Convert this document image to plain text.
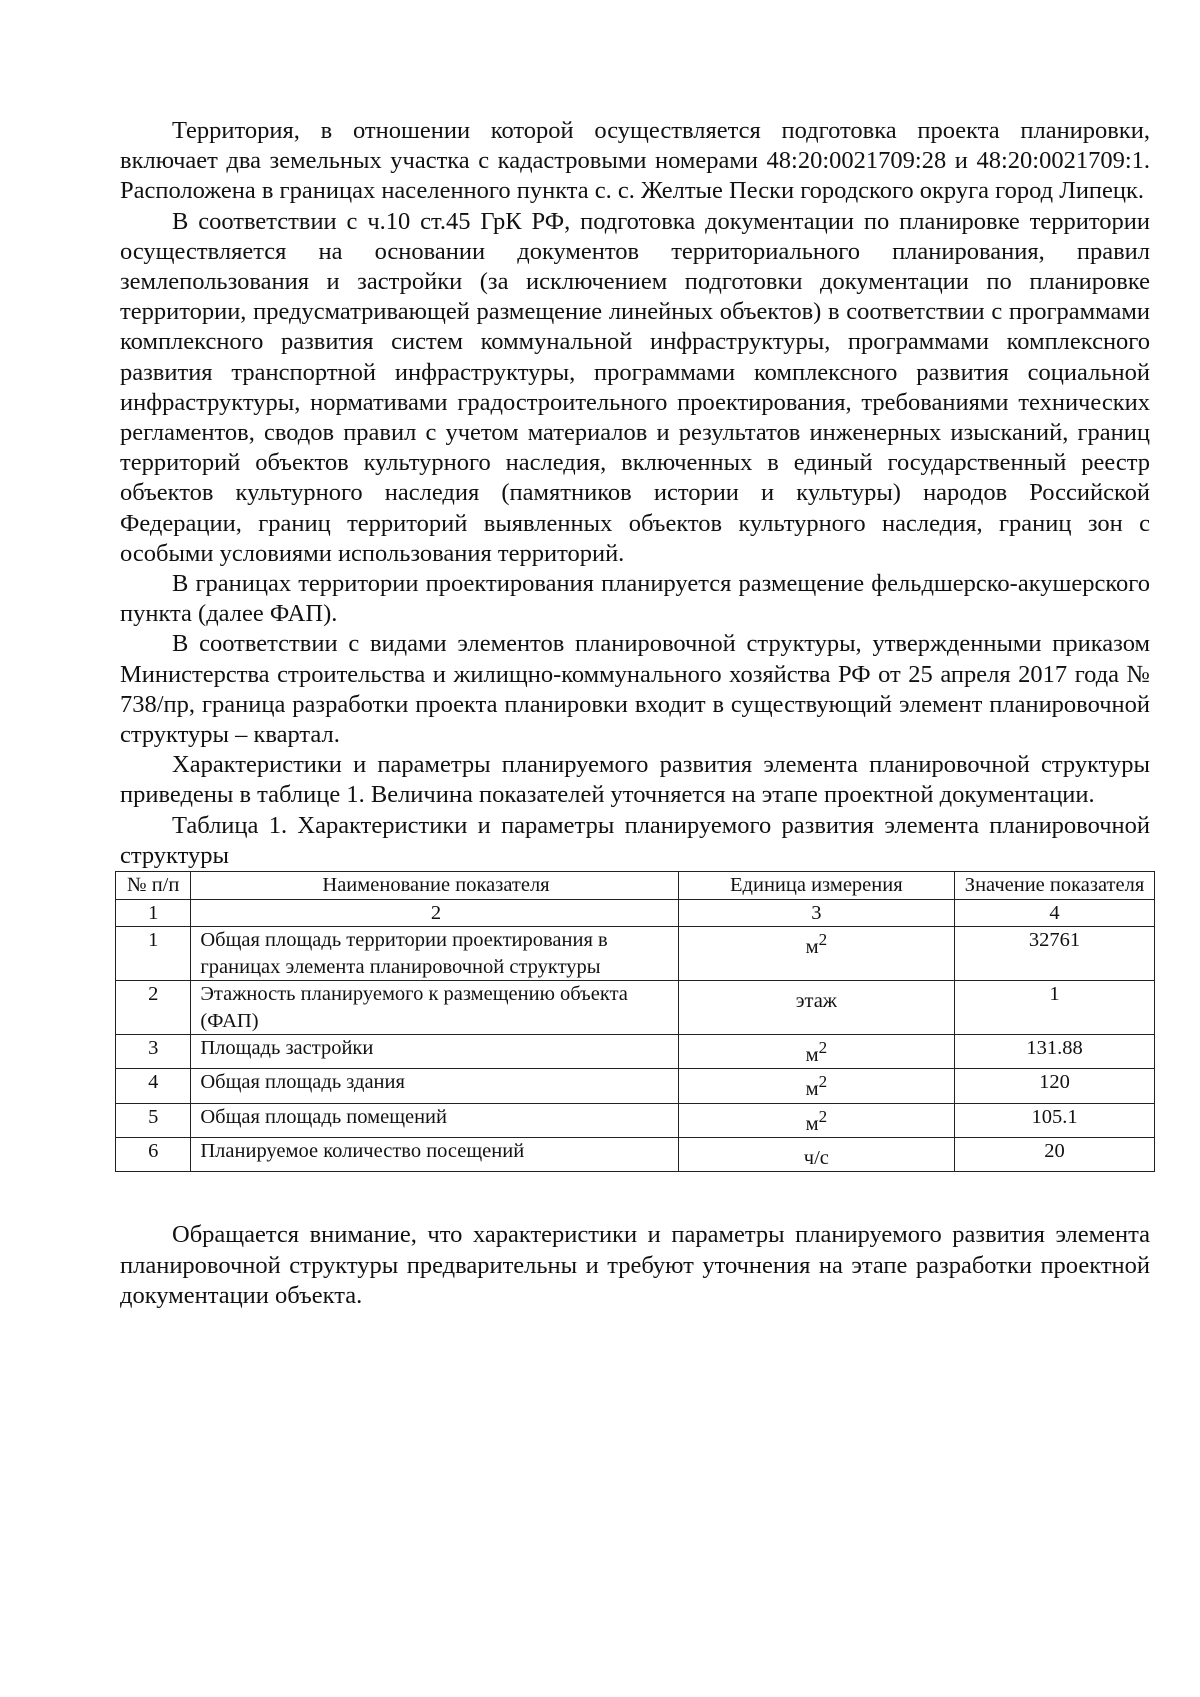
Территория, в отношении которой осуществляется подготовка проекта планировки, включает два земельных участка с кадастровыми номерами 48:20:0021709:28 и 48:20:0021709:1. Расположена в границах населенного пункта с. с. Желтые Пески городского округа город Липецк.

В соответствии с ч.10 ст.45 ГрК РФ, подготовка документации по планировке территории осуществляется на основании документов территориального планирования, правил землепользования и застройки (за исключением подготовки документации по планировке территории, предусматривающей размещение линейных объектов) в соответствии с программами комплексного развития систем коммунальной инфраструктуры, программами комплексного развития транспортной инфраструктуры, программами комплексного развития социальной инфраструктуры, нормативами градостроительного проектирования, требованиями технических регламентов, сводов правил с учетом материалов и результатов инженерных изысканий, границ территорий объектов культурного наследия, включенных в единый государственный реестр объектов культурного наследия (памятников истории и культуры) народов Российской Федерации, границ территорий выявленных объектов культурного наследия, границ зон с особыми условиями использования территорий.

В границах территории проектирования планируется размещение фельдшерско-акушерского пункта (далее ФАП).

В соответствии с видами элементов планировочной структуры, утвержденными приказом Министерства строительства и жилищно-коммунального хозяйства РФ от 25 апреля 2017 года № 738/пр, граница разработки проекта планировки входит в существующий элемент планировочной структуры – квартал.

Характеристики и параметры планируемого развития элемента планировочной структуры приведены в таблице 1. Величина показателей уточняется на этапе проектной документации.

Таблица 1. Характеристики и параметры планируемого развития элемента планировочной структуры

№ п/п	Наименование показателя	Единица измерения	Значение показателя
1	2	3	4
1	Общая площадь территории проектирования в границах элемента планировочной структуры	$м^2$	32761
2	Этажность планируемого к размещению объекта (ФАП)	этаж	1
3	Площадь застройки	$м^2$	131.88
4	Общая площадь здания	$м^2$	120
5	Общая площадь помещений	$м^2$	105.1
6	Планируемое количество посещений	ч/с	20

Обращается внимание, что характеристики и параметры планируемого развития элемента планировочной структуры предварительны и требуют уточнения на этапе разработки проектной документации объекта.
